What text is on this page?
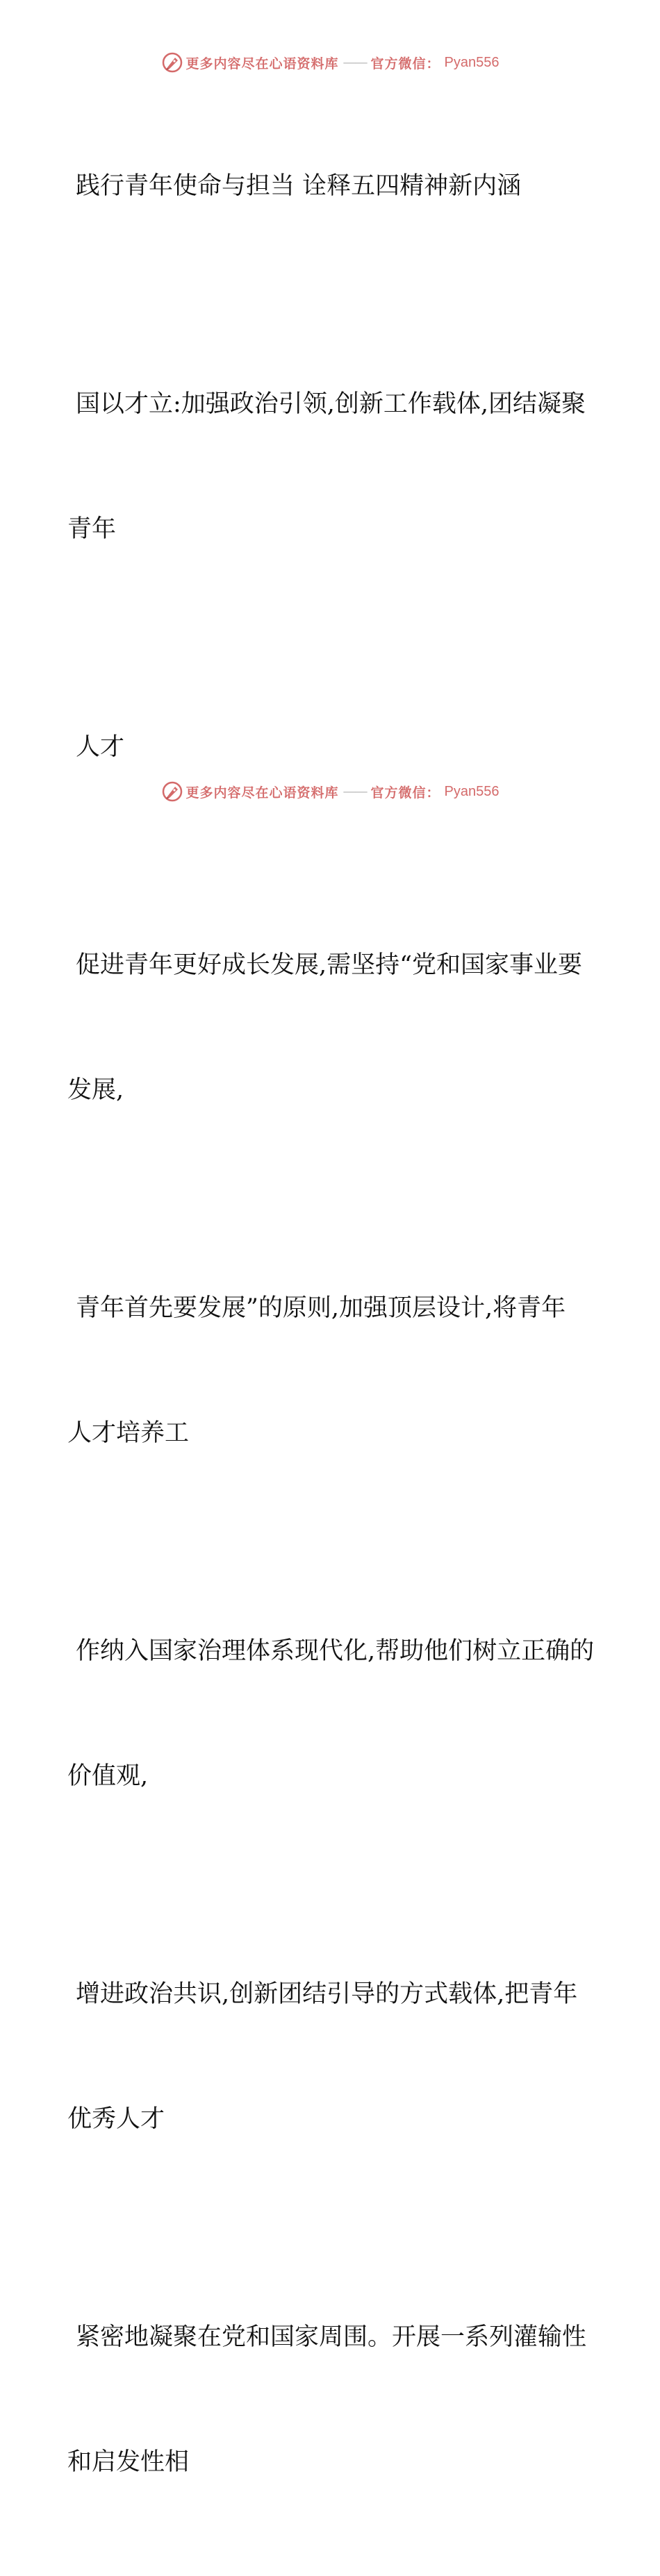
更多内容尽在心语资料库 —— 官方微信： Pyan556

践行青年使命与担当 诠释五四精神新内涵

国以才立:加强政治引领,创新工作载体,团结凝聚

青年

人才

促进青年更好成长发展,需坚持“党和国家事业要

发展,

青年首先要发展”的原则,加强顶层设计,将青年

人才培养工

作纳入国家治理体系现代化,帮助他们树立正确的

价值观,

增进政治共识,创新团结引导的方式载体,把青年

优秀人才

紧密地凝聚在党和国家周围。开展一系列灌输性

和启发性相

更多内容尽在心语资料库 —— 官方微信： Pyan556
